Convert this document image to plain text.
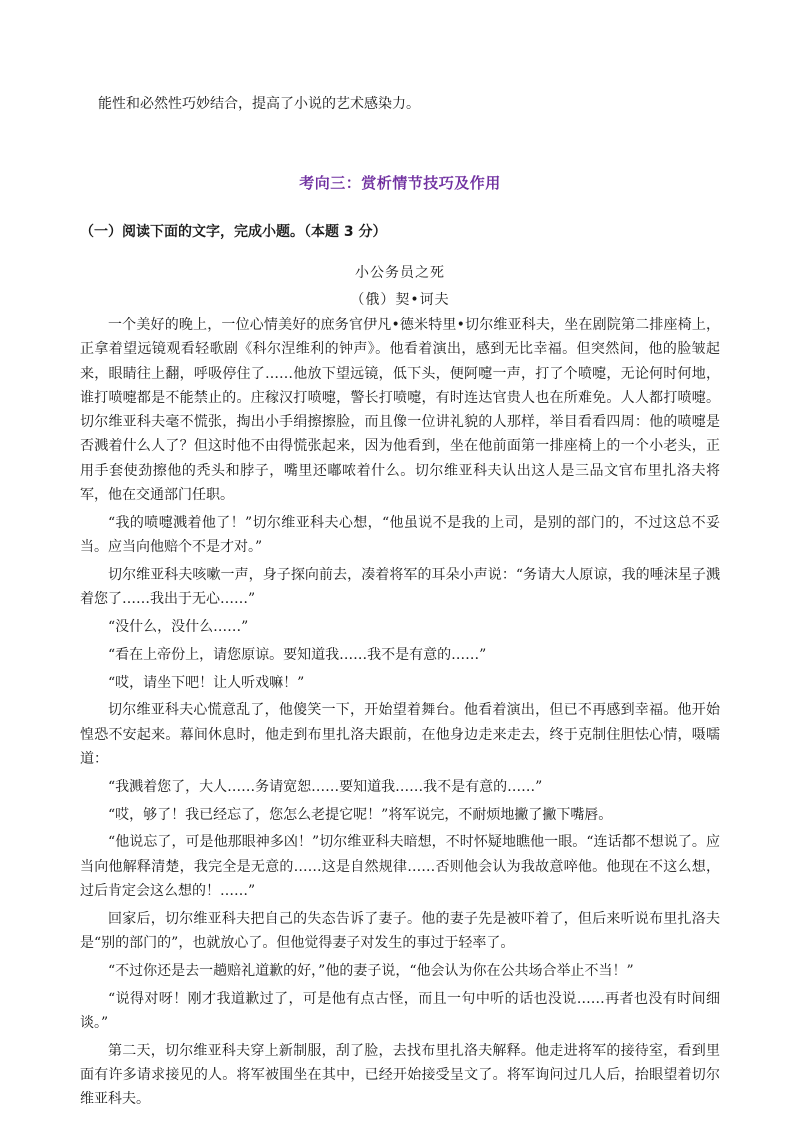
能性和必然性巧妙结合，提高了小说的艺术感染力。
考向三：赏析情节技巧及作用
（一）阅读下面的文字，完成小题。（本题 3 分）
小公务员之死
（俄）契•诃夫

一个美好的晚上，一位心情美好的庶务官伊凡•德米特里•切尔维亚科夫，坐在剧院第二排座椅上，正拿着望远镜观看轻歌剧《科尔涅维利的钟声》。他看着演出，感到无比幸福。但突然间，他的脸皱起来，眼睛往上翻，呼吸停住了……他放下望远镜，低下头，便阿嚏一声，打了个喷嚏，无论何时何地，谁打喷嚏都是不能禁止的。庄稼汉打喷嚏，警长打喷嚏，有时连达官贵人也在所难免。人人都打喷嚏。切尔维亚科夫毫不慌张，掏出小手绢擦擦脸，而且像一位讲礼貌的人那样，举目看看四周：他的喷嚏是否溅着什么人了？但这时他不由得慌张起来，因为他看到，坐在他前面第一排座椅上的一个小老头，正用手套使劲擦他的秃头和脖子，嘴里还嘟哝着什么。切尔维亚科夫认出这人是三品文官布里扎洛夫将军，他在交通部门任职。

“我的喷嚏溅着他了！”切尔维亚科夫心想，“他虽说不是我的上司，是别的部门的，不过这总不妥当。应当向他赔个不是才对。”

切尔维亚科夫咳嗽一声，身子探向前去，凑着将军的耳朵小声说：“务请大人原谅，我的唾沫星子溅着您了……我出于无心……”

“没什么，没什么……”

“看在上帝份上，请您原谅。要知道我……我不是有意的……”

“哎，请坐下吧！让人听戏嘛！”

切尔维亚科夫心慌意乱了，他傻笑一下，开始望着舞台。他看着演出，但已不再感到幸福。他开始惶恐不安起来。幕间休息时，他走到布里扎洛夫跟前，在他身边走来走去，终于克制住胆怯心情，嗫嚅道：

“我溅着您了，大人……务请宽恕……要知道我……我不是有意的……”

“哎，够了！我已经忘了，您怎么老提它呢！”将军说完，不耐烦地撇了撇下嘴唇。

“他说忘了，可是他那眼神多凶！”切尔维亚科夫暗想，不时怀疑地瞧他一眼。“连话都不想说了。应当向他解释清楚，我完全是无意的……这是自然规律……否则他会认为我故意啐他。他现在不这么想，过后肯定会这么想的！……”

回家后，切尔维亚科夫把自己的失态告诉了妻子。他的妻子先是被吓着了，但后来听说布里扎洛夫是“别的部门的”，也就放心了。但他觉得妻子对发生的事过于轻率了。

“不过你还是去一趟赔礼道歉的好，”他的妻子说，“他会认为你在公共场合举止不当！”

“说得对呀！刚才我道歉过了，可是他有点古怪，而且一句中听的话也没说……再者也没有时间细谈。”

第二天，切尔维亚科夫穿上新制服，刮了脸，去找布里扎洛夫解释。他走进将军的接待室，看到里面有许多请求接见的人。将军被围坐在其中，已经开始接受呈文了。将军询问过几人后，抬眼望着切尔维亚科夫。
